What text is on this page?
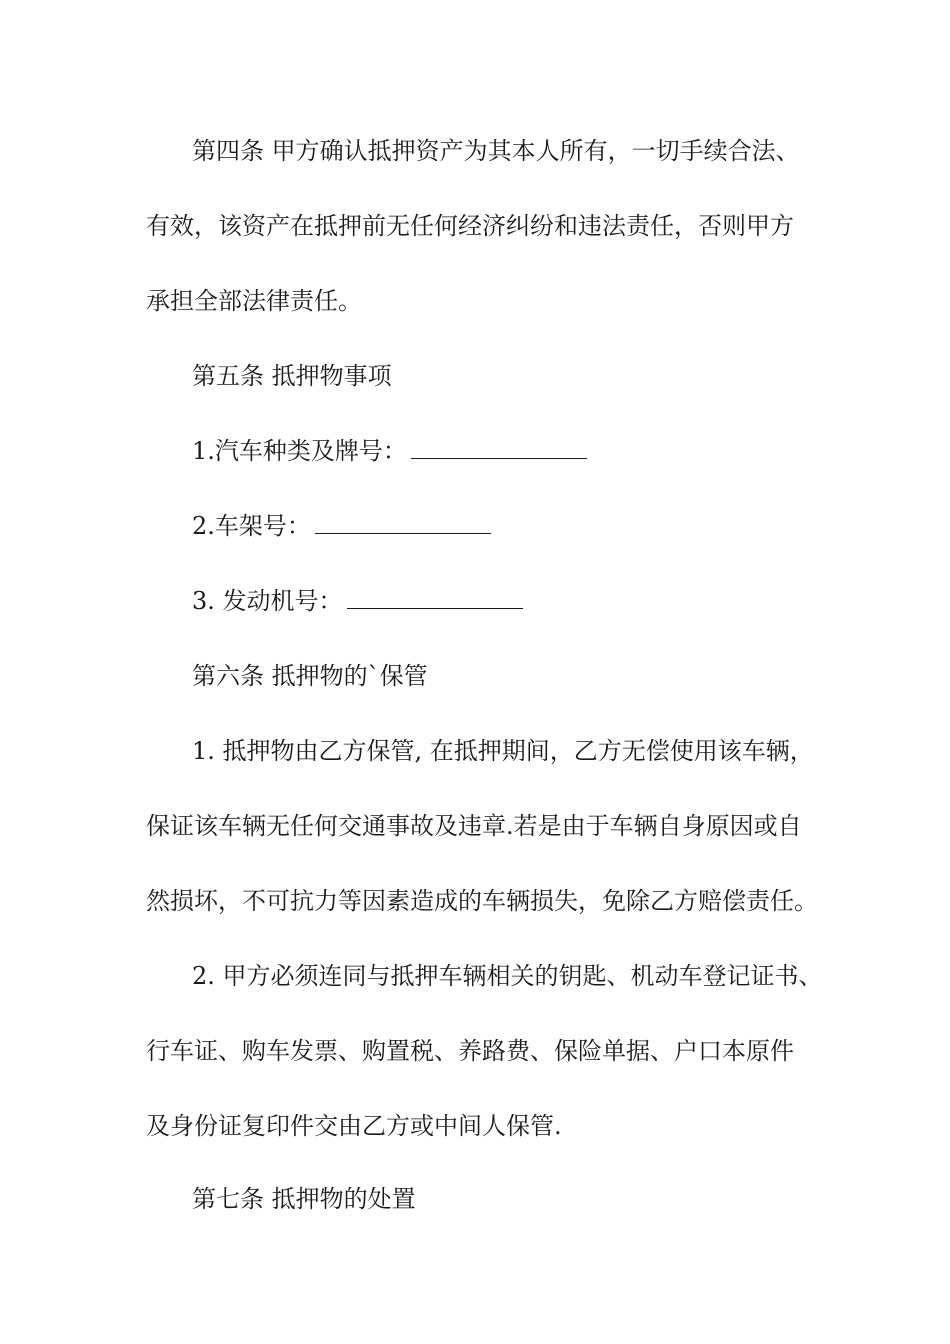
第四条 甲方确认抵押资产为其本人所有，一切手续合法、
有效，该资产在抵押前无任何经济纠纷和违法责任，否则甲方
承担全部法律责任。
第五条 抵押物事项
1.汽车种类及牌号：
2.车架号：
3. 发动机号：
第六条 抵押物的`保管
1. 抵押物由乙方保管, 在抵押期间，乙方无偿使用该车辆，
保证该车辆无任何交通事故及违章.若是由于车辆自身原因或自
然损坏，不可抗力等因素造成的车辆损失，免除乙方赔偿责任。
2. 甲方必须连同与抵押车辆相关的钥匙、机动车登记证书、
行车证、购车发票、购置税、养路费、保险单据、户口本原件
及身份证复印件交由乙方或中间人保管.
第七条 抵押物的处置
